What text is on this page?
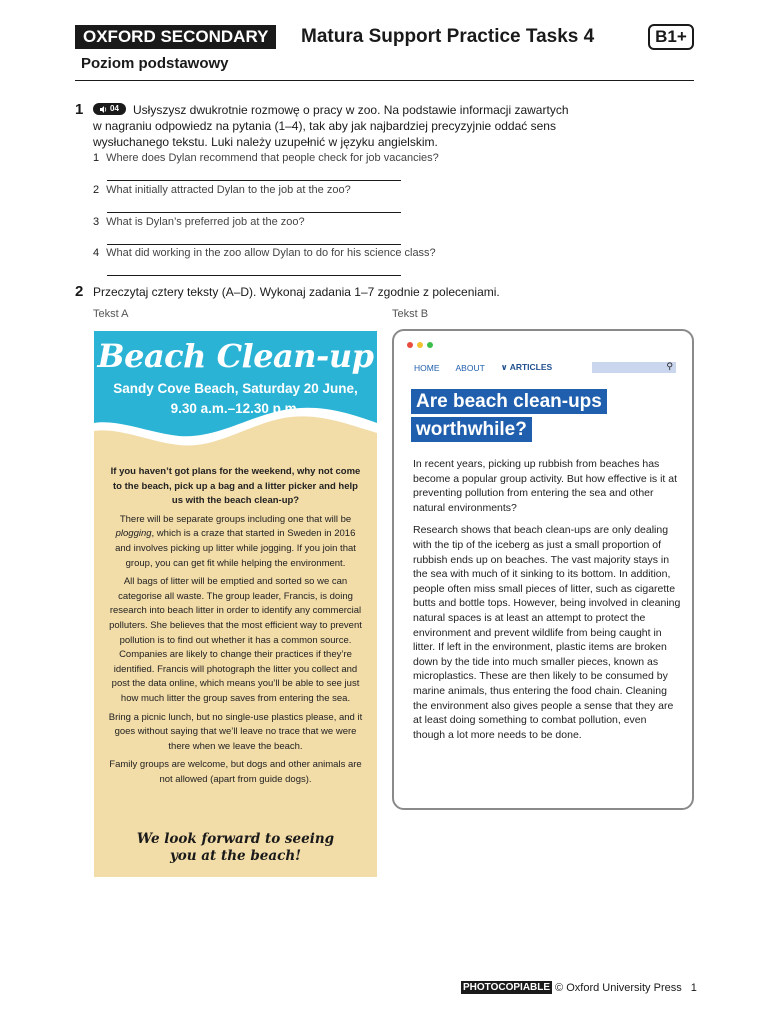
OXFORD SECONDARY	Matura Support Practice Tasks 4	B1+
Poziom podstawowy
1	04 Usłyszysz dwukrotnie rozmowę o pracy w zoo. Na podstawie informacji zawartych
w nagraniu odpowiedz na pytania (1–4), tak aby jak najbardziej precyzyjnie oddać sens
wysłuchanego tekstu. Luki należy uzupełnić w języku angielskim.
1 Where does Dylan recommend that people check for job vacancies?
2 What initially attracted Dylan to the job at the zoo?
3 What is Dylan’s preferred job at the zoo?
4 What did working in the zoo allow Dylan to do for his science class?
2 Przeczytaj cztery teksty (A–D). Wykonaj zadania 1–7 zgodnie z poleceniami.
Tekst A	Tekst B
Beach Clean-up
Sandy Cove Beach, Saturday 20 June,
9.30 a.m.–12.30 p.m.

If you haven’t got plans for the weekend, why not come to the beach, pick up a bag and a litter picker and help us with the beach clean-up?

There will be separate groups including one that will be plogging, which is a craze that started in Sweden in 2016 and involves picking up litter while jogging. If you join that group, you can get fit while helping the environment.

All bags of litter will be emptied and sorted so we can categorise all waste. The group leader, Francis, is doing research into beach litter in order to identify any commercial polluters. She believes that the most efficient way to prevent pollution is to find out whether it has a common source. Companies are likely to change their practices if they’re identified. Francis will photograph the litter you collect and post the data online, which means you’ll be able to see just how much litter the group saves from entering the sea.

Bring a picnic lunch, but no single-use plastics please, and it goes without saying that we’ll leave no trace that we were there when we leave the beach.

Family groups are welcome, but dogs and other animals are not allowed (apart from guide dogs).

We look forward to seeing
you at the beach!
HOME ABOUT ∨ ARTICLES	⚲
Are beach clean-ups
worthwhile?

In recent years, picking up rubbish from beaches has become a popular group activity. But how effective is it at preventing pollution from entering the sea and other natural environments?

Research shows that beach clean-ups are only dealing with the tip of the iceberg as just a small proportion of rubbish ends up on beaches. The vast majority stays in the sea with much of it sinking to its bottom. In addition, people often miss small pieces of litter, such as cigarette butts and bottle tops. However, being involved in cleaning natural spaces is at least an attempt to protect the environment and prevent wildlife from being caught in litter. If left in the environment, plastic items are broken down by the tide into much smaller pieces, known as microplastics. These are then likely to be consumed by marine animals, thus entering the food chain. Cleaning the environment also gives people a sense that they are at least doing something to combat pollution, even though a lot more needs to be done.

PHOTOCOPIABLE © Oxford University Press 1
